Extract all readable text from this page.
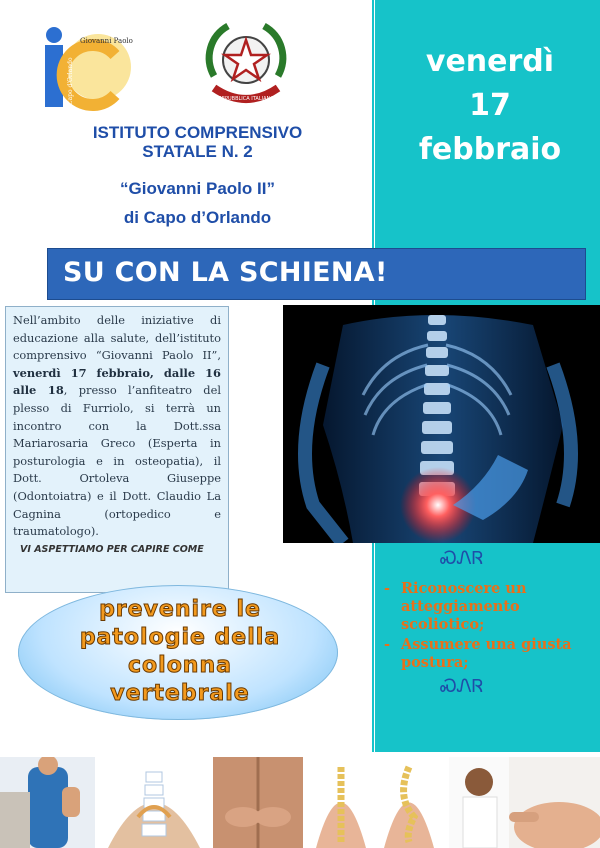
Giovanni Paolo II
Capo d'Orlando	REPUBBLICA ITALIANA
ISTITUTO COMPRENSIVO
STATALE N. 2
“Giovanni Paolo II”
di Capo d’Orlando
venerdì
17
febbraio
SU CON LA SCHIENA!
Nell’ambito delle iniziative di educazione alla salute, dell’istituto comprensivo “Giovanni Paolo II”, venerdì 17 febbraio, dalle 16 alle 18, presso l’anfiteatro del plesso di Furriolo, si terrà un incontro con la Dott.ssa Mariarosaria Greco (Esperta in posturologia e in osteopatia), il Dott. Ortoleva Giuseppe (Odontoiatra) e il Dott. Claudio La Cagnina (ortopedico e traumatologo).
VI ASPETTIAMO PER CAPIRE COME
prevenire le
patologie della
colonna
vertebrale
ᏍᏁᏒ
- Riconoscere un atteggiamento scoliotico;
- Assumere una giusta postura;
ᏍᏁᏒ
